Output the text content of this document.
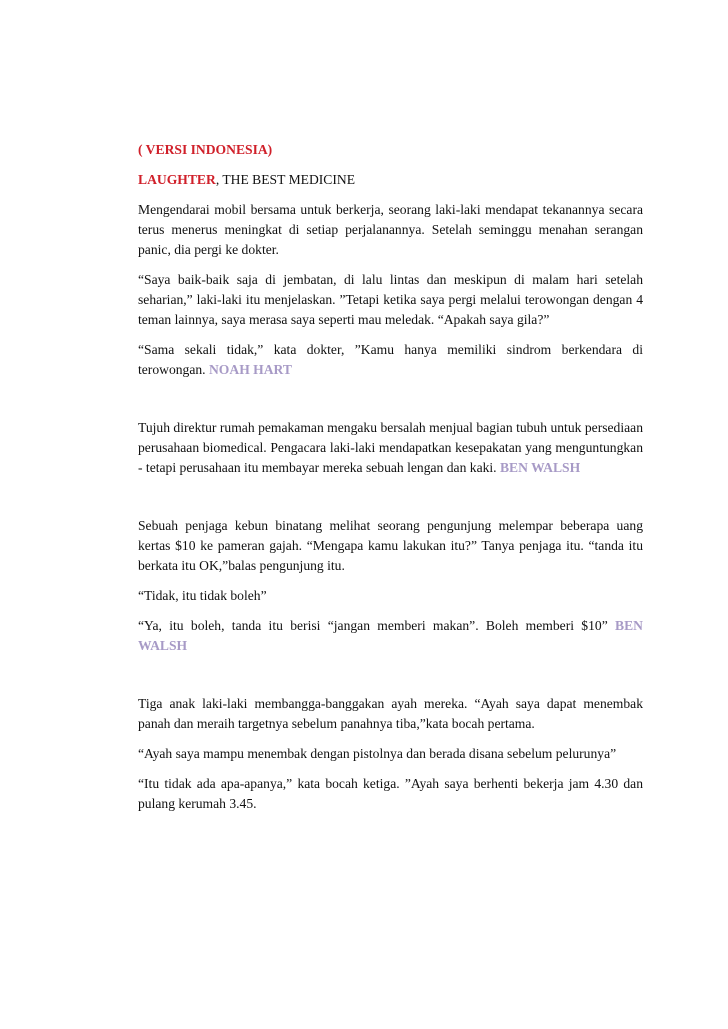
( VERSI INDONESIA)

LAUGHTER, THE BEST MEDICINE

Mengendarai mobil bersama untuk berkerja, seorang laki-laki mendapat tekanannya secara terus menerus meningkat di setiap perjalanannya. Setelah seminggu menahan serangan panic, dia pergi ke dokter.

“Saya baik-baik saja di jembatan, di lalu lintas dan meskipun di malam hari setelah seharian,” laki-laki itu menjelaskan. ”Tetapi ketika saya pergi melalui terowongan dengan 4 teman lainnya, saya merasa saya seperti mau meledak. “Apakah saya gila?”

“Sama sekali tidak,” kata dokter, ”Kamu hanya memiliki sindrom berkendara di terowongan. NOAH HART

Tujuh direktur rumah pemakaman mengaku bersalah menjual bagian tubuh untuk persediaan perusahaan biomedical. Pengacara laki-laki mendapatkan kesepakatan yang menguntungkan - tetapi perusahaan itu membayar mereka sebuah lengan dan kaki. BEN WALSH

Sebuah penjaga kebun binatang melihat seorang pengunjung melempar beberapa uang kertas $10 ke pameran gajah. “Mengapa kamu lakukan itu?” Tanya penjaga itu. “tanda itu berkata itu OK,”balas pengunjung itu.

“Tidak, itu tidak boleh”

“Ya, itu boleh, tanda itu berisi “jangan memberi makan”. Boleh memberi $10” BEN WALSH

Tiga anak laki-laki membangga-banggakan ayah mereka. “Ayah saya dapat menembak panah dan meraih targetnya sebelum panahnya tiba,”kata bocah pertama.

“Ayah saya mampu menembak dengan pistolnya dan berada disana sebelum pelurunya”

“Itu tidak ada apa-apanya,” kata bocah ketiga. ”Ayah saya berhenti bekerja jam 4.30 dan pulang kerumah 3.45.
